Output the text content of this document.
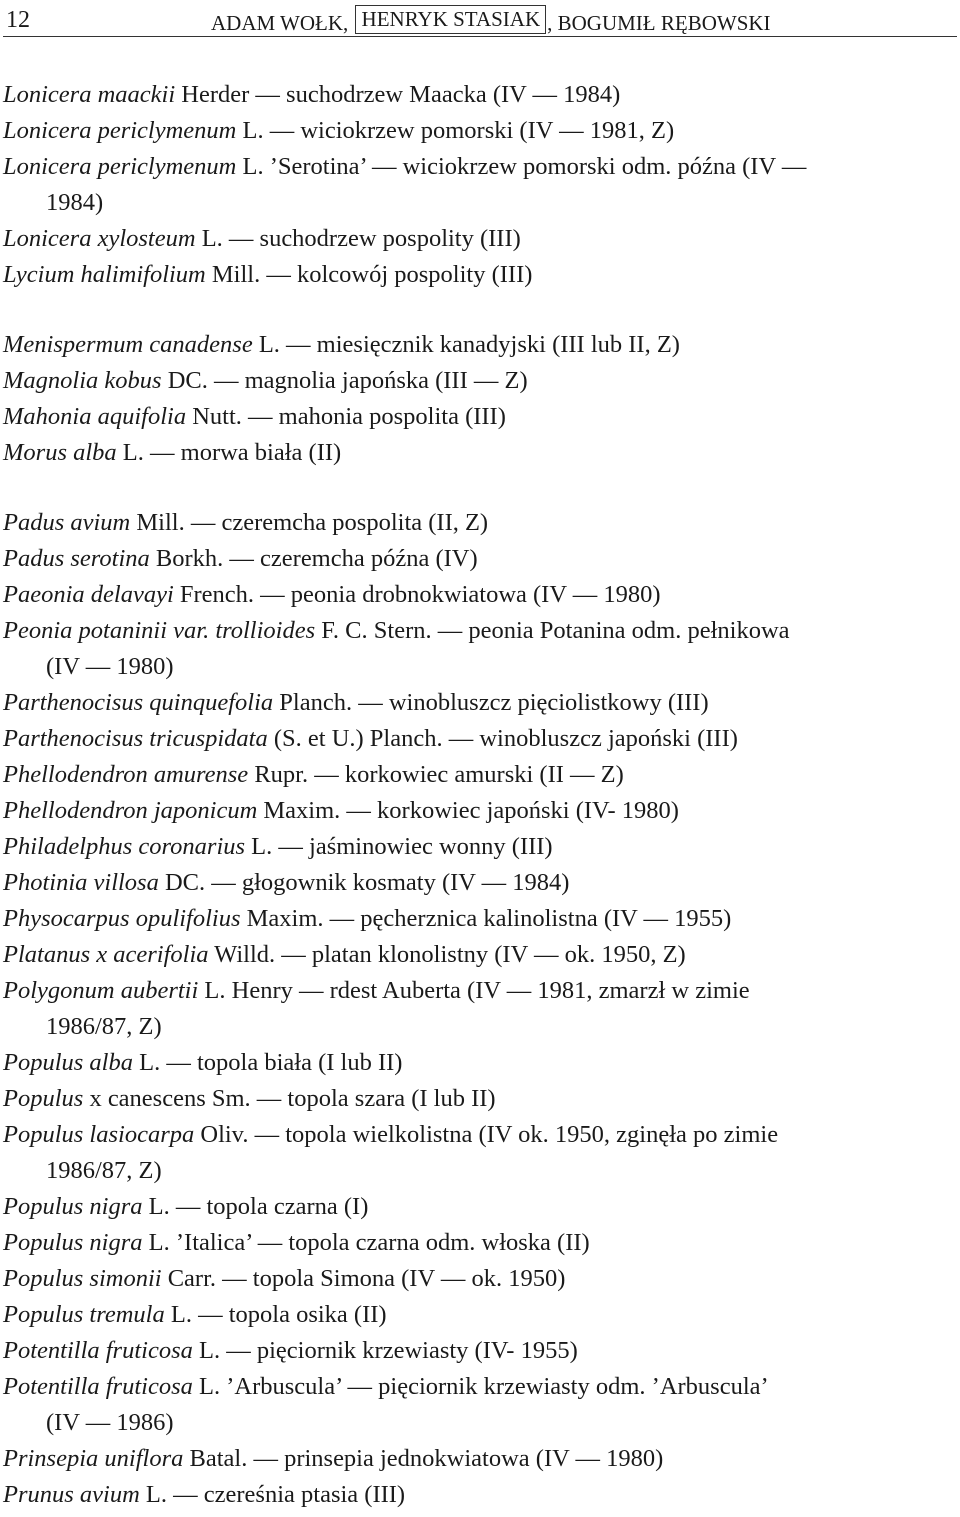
12	ADAM WOŁK, HENRYK STASIAK , BOGUMIŁ RĘBOWSKI
Lonicera maackii Herder — suchodrzew Maacka (IV — 1984)
Lonicera periclymenum L. — wiciokrzew pomorski (IV — 1981, Z)
Lonicera periclymenum L. ’Serotina’ — wiciokrzew pomorski odm. późna (IV —
1984)
Lonicera xylosteum L. — suchodrzew pospolity (III)
Lycium halimifolium Mill. — kolcowój pospolity (III)
Menispermum canadense L. — miesięcznik kanadyjski (III lub II, Z)
Magnolia kobus DC. — magnolia japońska (III — Z)
Mahonia aquifolia Nutt. — mahonia pospolita (III)
Morus alba L. — morwa biała (II)
Padus avium Mill. — czeremcha pospolita (II, Z)
Padus serotina Borkh. — czeremcha późna (IV)
Paeonia delavayi French. — peonia drobnokwiatowa (IV — 1980)
Peonia potaninii var. trollioides F. C. Stern. — peonia Potanina odm. pełnikowa
(IV — 1980)
Parthenocisus quinquefolia Planch. — winobluszcz pięciolistkowy (III)
Parthenocisus tricuspidata (S. et U.) Planch. — winobluszcz japoński (III)
Phellodendron amurense Rupr. — korkowiec amurski (II — Z)
Phellodendron japonicum Maxim. — korkowiec japoński (IV- 1980)
Philadelphus coronarius L. — jaśminowiec wonny (III)
Photinia villosa DC. — głogownik kosmaty (IV — 1984)
Physocarpus opulifolius Maxim. — pęcherznica kalinolistna (IV — 1955)
Platanus x acerifolia Willd. — platan klonolistny (IV — ok. 1950, Z)
Polygonum aubertii L. Henry — rdest Auberta (IV — 1981, zmarzł w zimie
1986/87, Z)
Populus alba L. — topola biała (I lub II)
Populus x canescens Sm. — topola szara (I lub II)
Populus lasiocarpa Oliv. — topola wielkolistna (IV ok. 1950, zginęła po zimie
1986/87, Z)
Populus nigra L. — topola czarna (I)
Populus nigra L. ’Italica’ — topola czarna odm. włoska (II)
Populus simonii Carr. — topola Simona (IV — ok. 1950)
Populus tremula L. — topola osika (II)
Potentilla fruticosa L. — pięciornik krzewiasty (IV- 1955)
Potentilla fruticosa L. ’Arbuscula’ — pięciornik krzewiasty odm. ’Arbuscula’
(IV — 1986)
Prinsepia uniflora Batal. — prinsepia jednokwiatowa (IV — 1980)
Prunus avium L. — czereśnia ptasia (III)
